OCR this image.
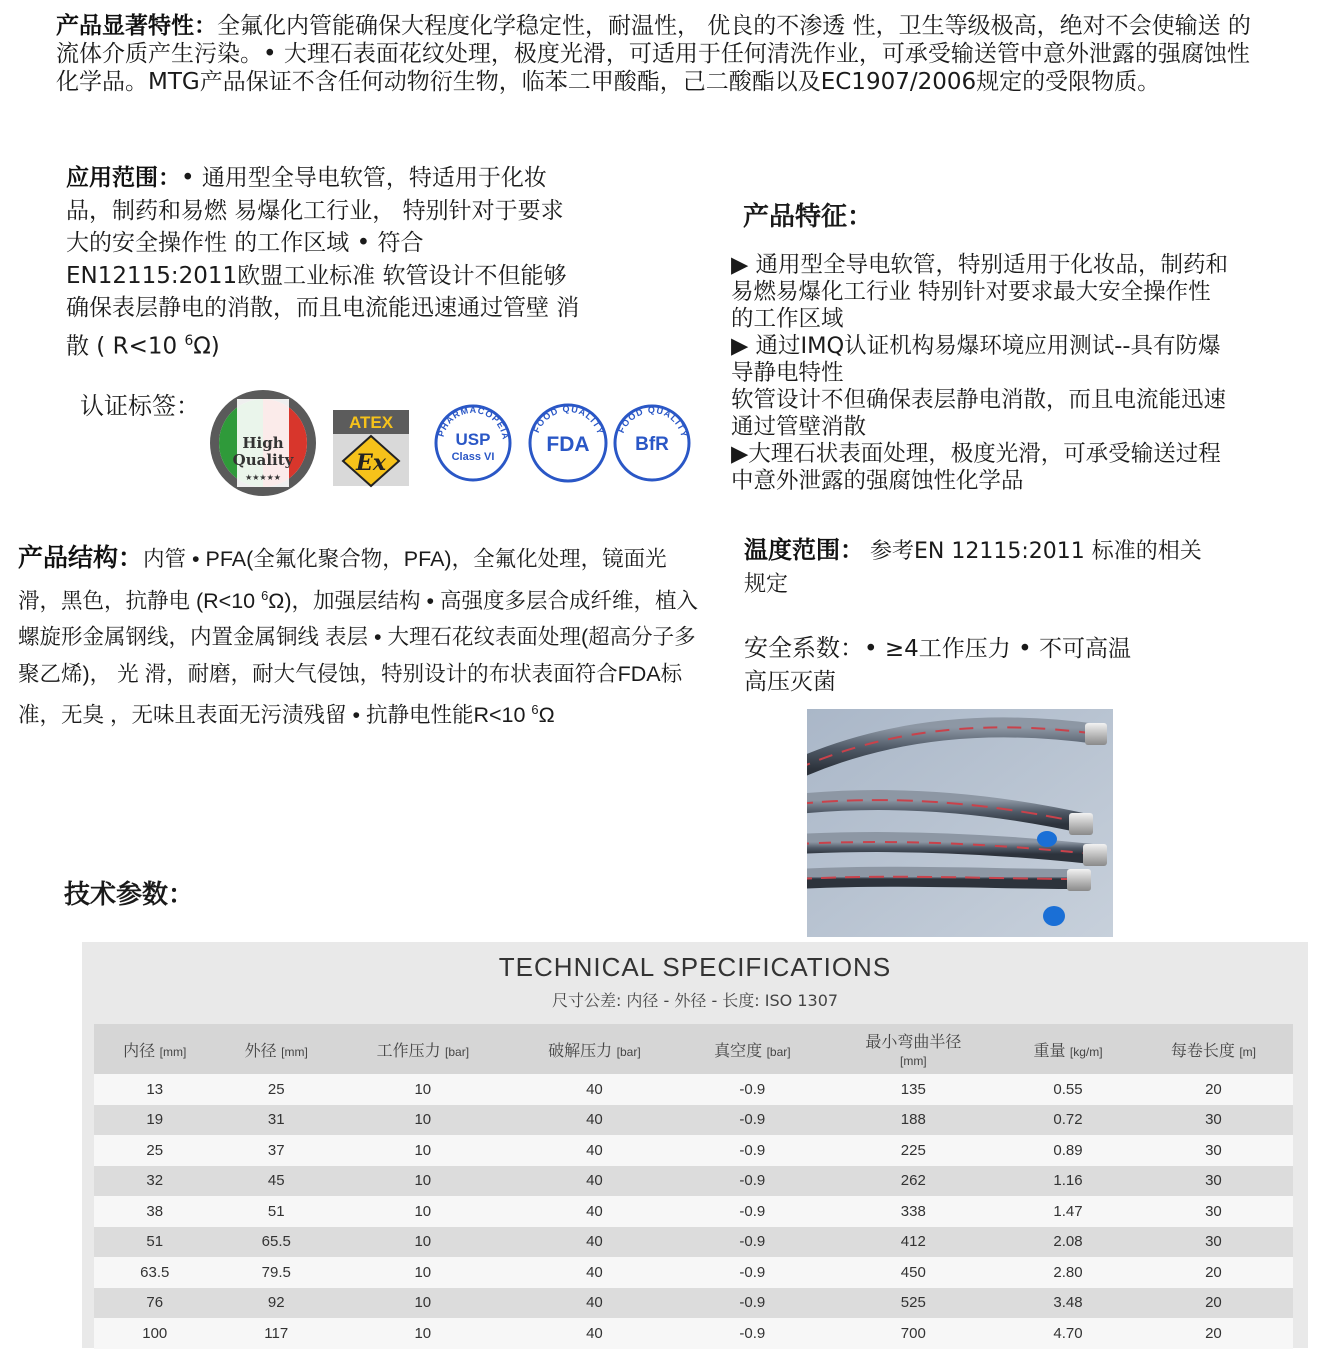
产品显著特性：全氟化内管能确保大程度化学稳定性，耐温性， 优良的不渗透 性，卫生等级极高，绝对不会使输送 的流体介质产生污染。• 大理石表面花纹处理，极度光滑，可适用于任何清洗作业，可承受输送管中意外泄露的强腐蚀性化学品。MTG产品保证不含任何动物衍生物，临苯二甲酸酯，己二酸酯以及EC1907/2006规定的受限物质。
应用范围：• 通用型全导电软管，特适用于化妆品，制药和易燃 易爆化工行业， 特别针对于要求大的安全操作性 的工作区域 • 符合EN12115:2011欧盟工业标准 软管设计不但能够 确保表层静电的消散，而且电流能迅速通过管壁 消 散 ( R<10 $^6$Ω)
认证标签：
High
Quality
★★★★★
ATEX
Ex
PHARMACOPEIA
USP
Class VI
FOOD QUALITY
FDA
FOOD QUALITY
BfR
产品特征：
▶ 通用型全导电软管，特别适用于化妆品，制药和易燃易爆化工行业 特别针对要求最大安全操作性的工作区域
▶ 通过IMQ认证机构易爆环境应用测试--具有防爆导静电特性
软管设计不但确保表层静电消散，而且电流能迅速通过管壁消散
▶大理石状表面处理，极度光滑，可承受输送过程中意外泄露的强腐蚀性化学品
产品结构：内管 • PFA(全氟化聚合物，PFA)，全氟化处理，镜面光 滑，黑色，抗静电 (R<10 $^6$Ω)，加强层结构 • 高强度多层合成纤维，植入螺旋形金属钢线，内置金属铜线 表层 • 大理石花纹表面处理(超高分子多聚乙烯)， 光 滑，耐磨，耐大气侵蚀，特别设计的布状表面符合FDA标准，无臭 ，无味且表面无污渍残留 • 抗静电性能R<10 $^6$Ω
温度范围： 参考EN 12115:2011 标准的相关规定
安全系数：• ≥4工作压力 • 不可高温高压灭菌
技术参数：
TECHNICAL SPECIFICATIONS
尺寸公差: 内径 - 外径 - 长度: ISO 1307
内径 [mm]	外径 [mm]	工作压力 [bar]	破解压力 [bar]	真空度 [bar]	最小弯曲半径
[mm]	重量 [kg/m]	每卷长度 [m]
13	25	10	40	-0.9	135	0.55	20
19	31	10	40	-0.9	188	0.72	30
25	37	10	40	-0.9	225	0.89	30
32	45	10	40	-0.9	262	1.16	30
38	51	10	40	-0.9	338	1.47	30
51	65.5	10	40	-0.9	412	2.08	30
63.5	79.5	10	40	-0.9	450	2.80	20
76	92	10	40	-0.9	525	3.48	20
100	117	10	40	-0.9	700	4.70	20
